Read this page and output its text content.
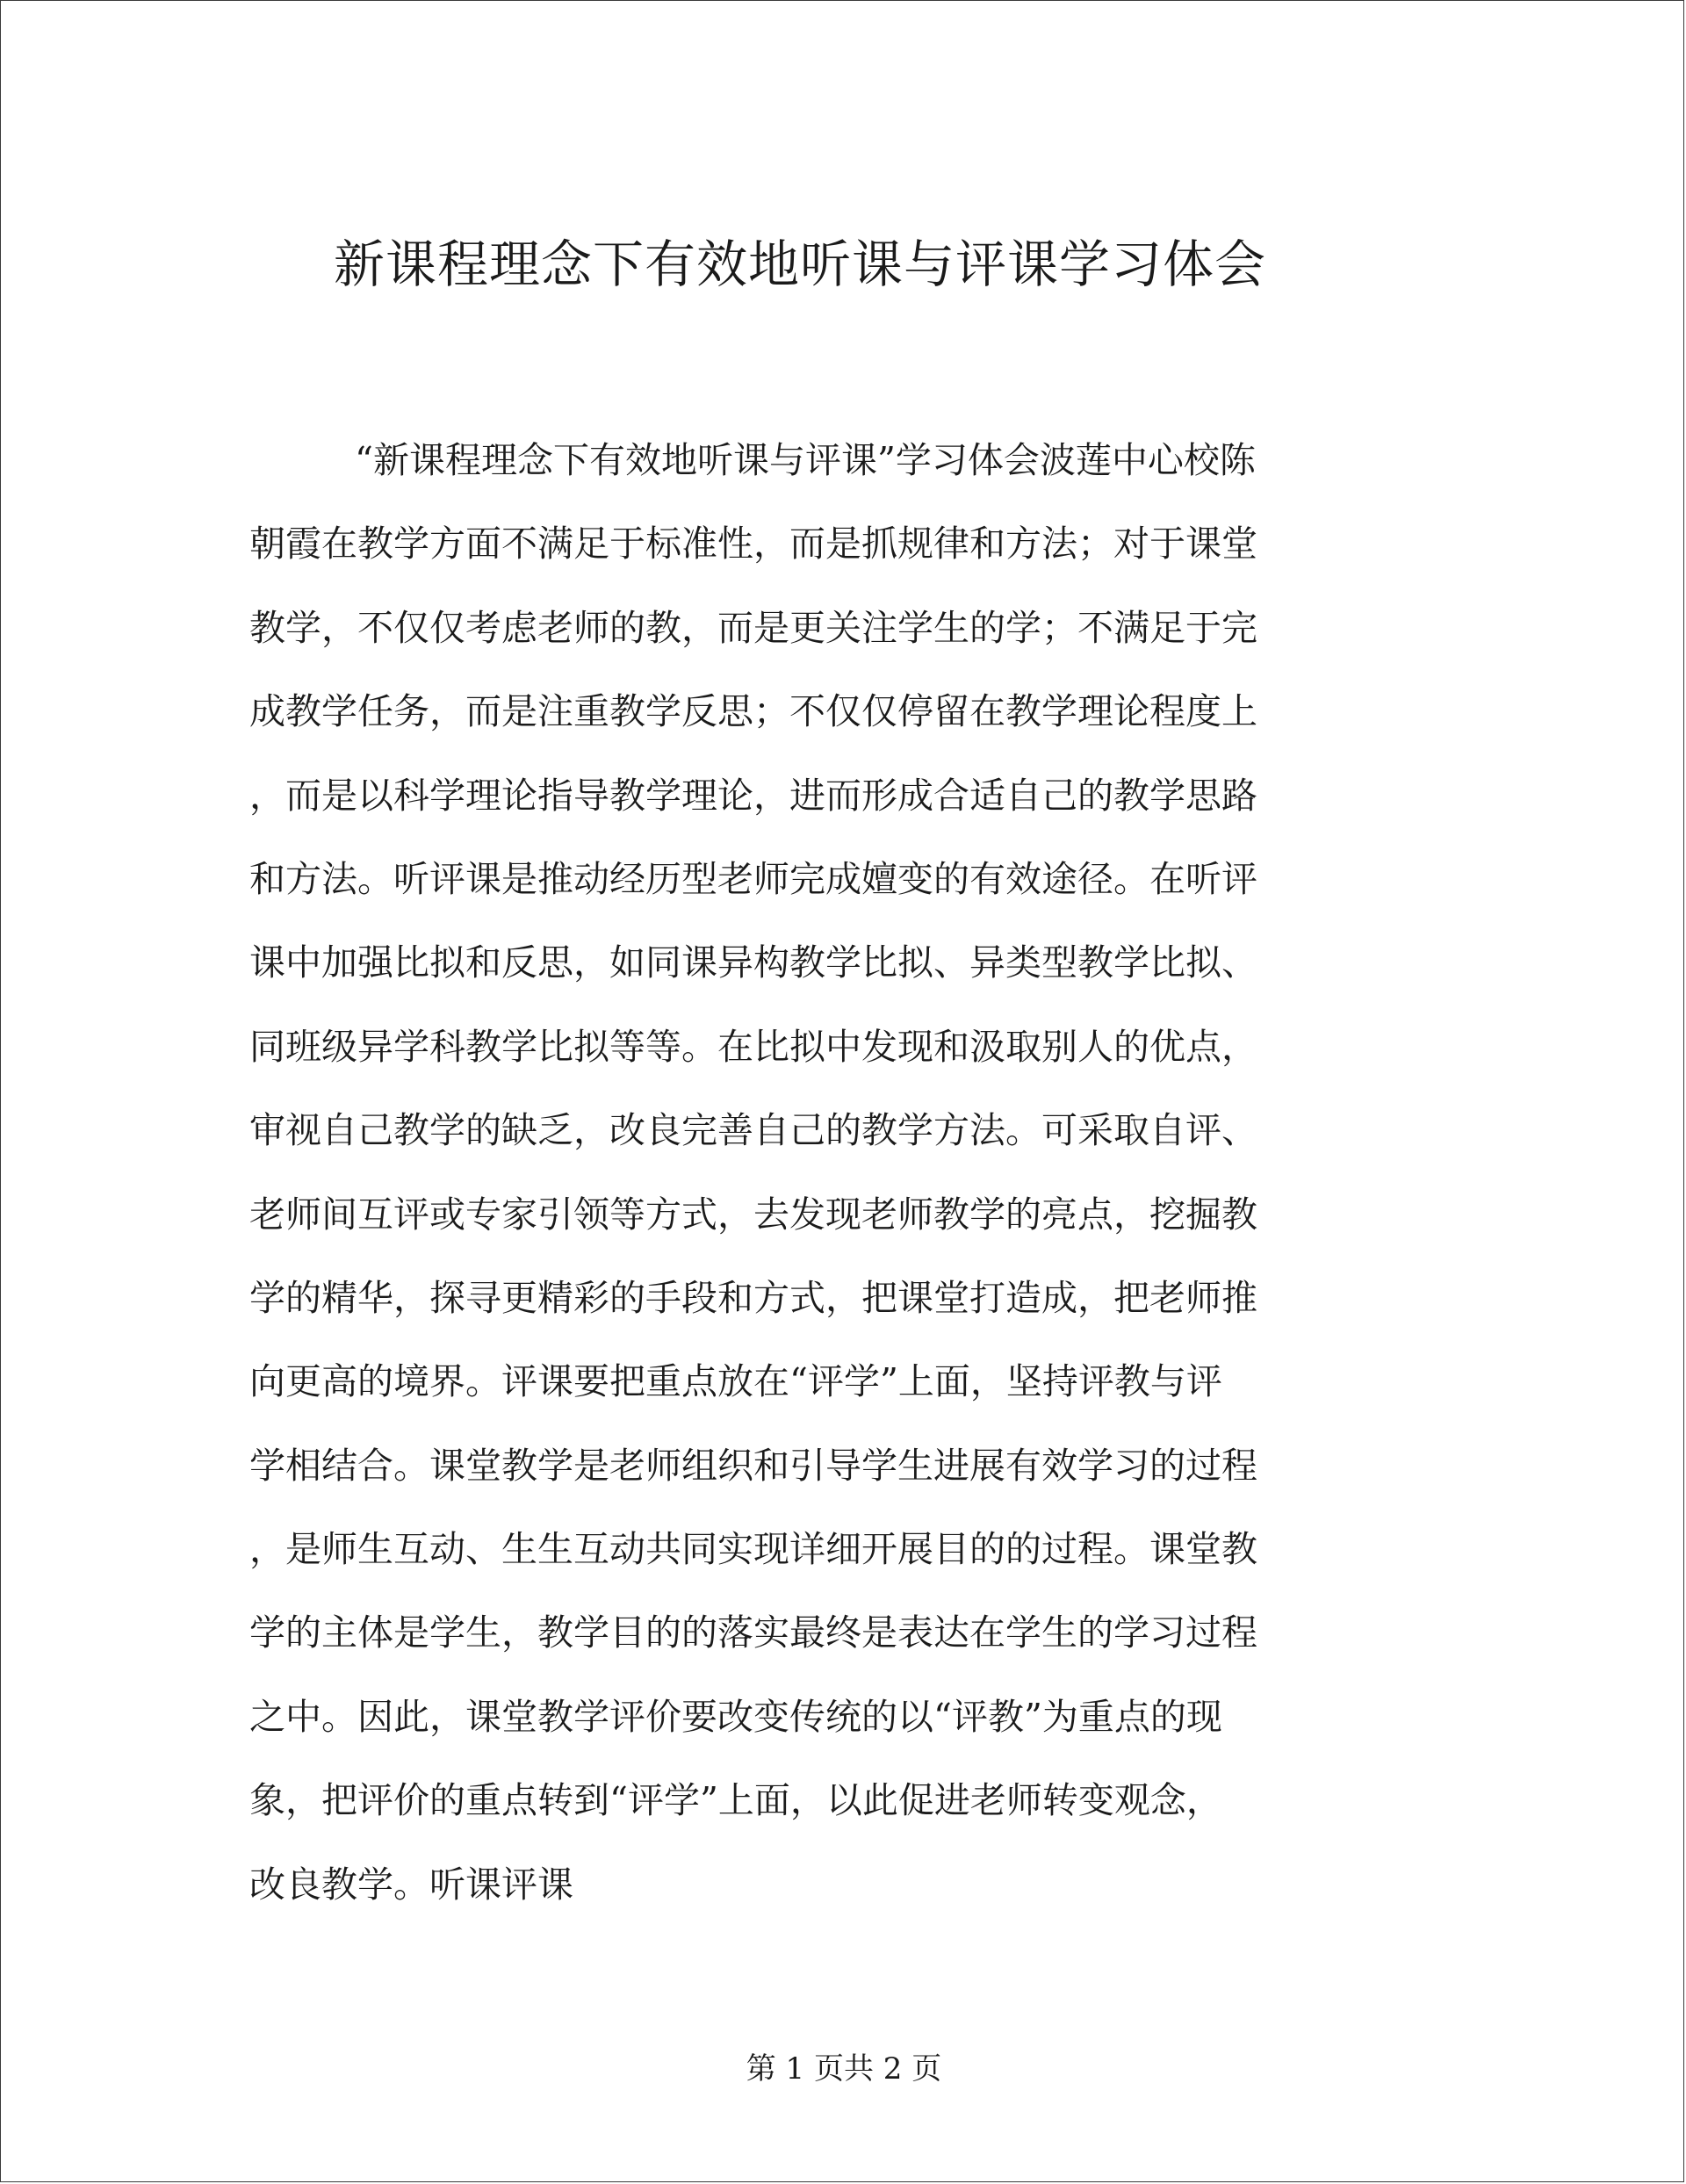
新课程理念下有效地听课与评课学习体会
“新课程理念下有效地听课与评课”学习体会波莲中心校陈
朝霞在教学方面不满足于标准性，而是抓规律和方法；对于课堂
教学，不仅仅考虑老师的教，而是更关注学生的学；不满足于完
成教学任务，而是注重教学反思；不仅仅停留在教学理论程度上
，而是以科学理论指导教学理论，进而形成合适自己的教学思路
和方法。听评课是推动经历型老师完成嬗变的有效途径。在听评
课中加强比拟和反思，如同课异构教学比拟、异类型教学比拟、
同班级异学科教学比拟等等。在比拟中发现和汲取别人的优点，
审视自己教学的缺乏，改良完善自己的教学方法。可采取自评、
老师间互评或专家引领等方式，去发现老师教学的亮点，挖掘教
学的精华，探寻更精彩的手段和方式，把课堂打造成，把老师推
向更高的境界。评课要把重点放在“评学”上面，坚持评教与评
学相结合。课堂教学是老师组织和引导学生进展有效学习的过程
，是师生互动、生生互动共同实现详细开展目的的过程。课堂教
学的主体是学生，教学目的的落实最终是表达在学生的学习过程
之中。因此，课堂教学评价要改变传统的以“评教”为重点的现
象，把评价的重点转到“评学”上面，以此促进老师转变观念，
改良教学。听课评课
第 1 页共 2 页
